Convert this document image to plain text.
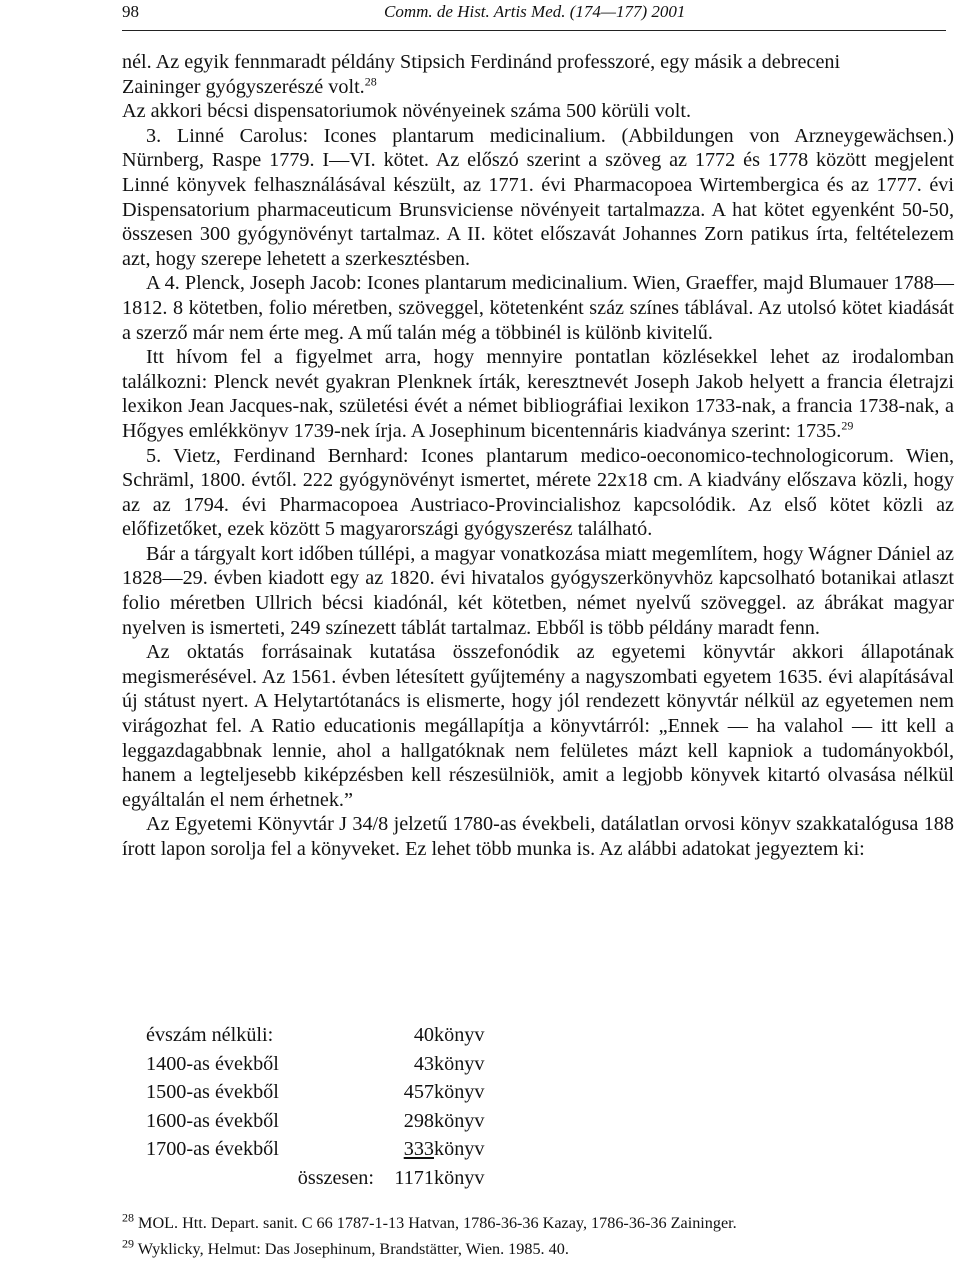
98	Comm. de Hist. Artis Med. (174—177) 2001

nél. Az egyik fennmaradt példány Stipsich Ferdinánd professzoré, egy másik a debreceni

Zaininger gyógyszerészé volt.$^{28}$

Az akkori bécsi dispensatoriumok növényeinek száma 500 körüli volt.

3. Linné Carolus: Icones plantarum medicinalium. (Abbildungen von Arzneygewächsen.) Nürnberg, Raspe 1779. I—VI. kötet. Az előszó szerint a szöveg az 1772 és 1778 között megjelent Linné könyvek felhasználásával készült, az 1771. évi Pharmacopoea Wirtembergica és az 1777. évi Dispensatorium pharmaceuticum Brunsviciense növényeit tartalmazza. A hat kötet egyenként 50-50, összesen 300 gyógynövényt tartalmaz. A II. kötet előszavát Johannes Zorn patikus írta, feltételezem azt, hogy szerepe lehetett a szerkesztésben.

A 4. Plenck, Joseph Jacob: Icones plantarum medicinalium. Wien, Graeffer, majd Blumauer 1788—1812. 8 kötetben, folio méretben, szöveggel, kötetenként száz színes táblával. Az utolsó kötet kiadását a szerző már nem érte meg. A mű talán még a többinél is különb kivitelű.

Itt hívom fel a figyelmet arra, hogy mennyire pontatlan közlésekkel lehet az irodalomban találkozni: Plenck nevét gyakran Plenknek írták, keresztnevét Joseph Jakob helyett a francia életrajzi lexikon Jean Jacques-nak, születési évét a német bibliográfiai lexikon 1733-nak, a francia 1738-nak, a Hőgyes emlékkönyv 1739-nek írja. A Josephinum bicentennáris kiadványa szerint: 1735.29

5. Vietz, Ferdinand Bernhard: Icones plantarum medico-oeconomico-technologicorum. Wien, Schräml, 1800. évtől. 222 gyógynövényt ismertet, mérete 22x18 cm. A kiadvány előszava közli, hogy az az 1794. évi Pharmacopoea Austriaco-Provincialishoz kapcsolódik. Az első kötet közli az előfizetőket, ezek között 5 magyarországi gyógyszerész található.

Bár a tárgyalt kort időben túllépi, a magyar vonatkozása miatt megemlítem, hogy Wágner Dániel az 1828—29. évben kiadott egy az 1820. évi hivatalos gyógyszerkönyvhöz kapcsolható botanikai atlaszt folio méretben Ullrich bécsi kiadónál, két kötetben, német nyelvű szöveggel. az ábrákat magyar nyelven is ismerteti, 249 színezett táblát tartalmaz. Ebből is több példány maradt fenn.

Az oktatás forrásainak kutatása összefonódik az egyetemi könyvtár akkori állapotának megismerésével. Az 1561. évben létesített gyűjtemény a nagyszombati egyetem 1635. évi alapításával új státust nyert. A Helytartótanács is elismerte, hogy jól rendezett könyvtár nélkül az egyetemen nem virágozhat fel. A Ratio educationis megállapítja a könyvtárról: „Ennek — ha valahol — itt kell a leggazdagabbnak lennie, ahol a hallgatóknak nem felületes mázt kell kapniok a tudományokból, hanem a legteljesebb kiképzésben kell részesülniök, amit a legjobb könyvek kitartó olvasása nélkül egyáltalán el nem érhetnek.”

Az Egyetemi Könyvtár J 34/8 jelzetű 1780-as évekbeli, datálatlan orvosi könyv szakkatalógusa 188 írott lapon sorolja fel a könyveket. Ez lehet több munka is. Az alábbi adatokat jegyeztem ki:

évszám nélküli:	40	könyv
1400-as évekből	43	könyv
1500-as évekből	457	könyv
1600-as évekből	298	könyv
1700-as évekből	333	könyv
összesen:	1171	könyv
$^{28}$ MOL. Htt. Depart. sanit. C 66 1787-1-13 Hatvan, 1786-36-36 Kazay, 1786-36-36 Zaininger.
$^{29}$ Wyklicky, Helmut: Das Josephinum, Brandstätter, Wien. 1985. 40.
